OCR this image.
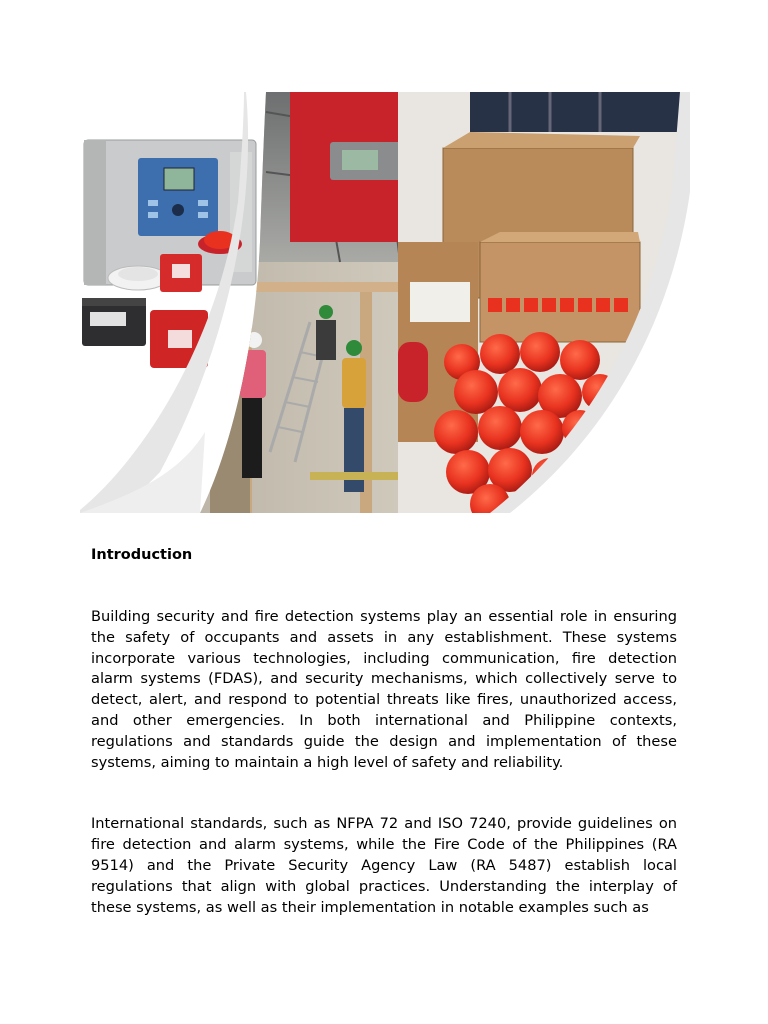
Introduction

Building security and fire detection systems play an essential role in ensuring the safety of occupants and assets in any establishment. These systems incorporate various technologies, including communication, fire detection alarm systems (FDAS), and security mechanisms, which collectively serve to detect, alert, and respond to potential threats like fires, unauthorized access, and other emergencies. In both international and Philippine contexts, regulations and standards guide the design and implementation of these systems, aiming to maintain a high level of safety and reliability.

International standards, such as NFPA 72 and ISO 7240, provide guidelines on fire detection and alarm systems, while the Fire Code of the Philippines (RA 9514) and the Private Security Agency Law (RA 5487) establish local regulations that align with global practices. Understanding the interplay of these systems, as well as their implementation in notable examples such as
